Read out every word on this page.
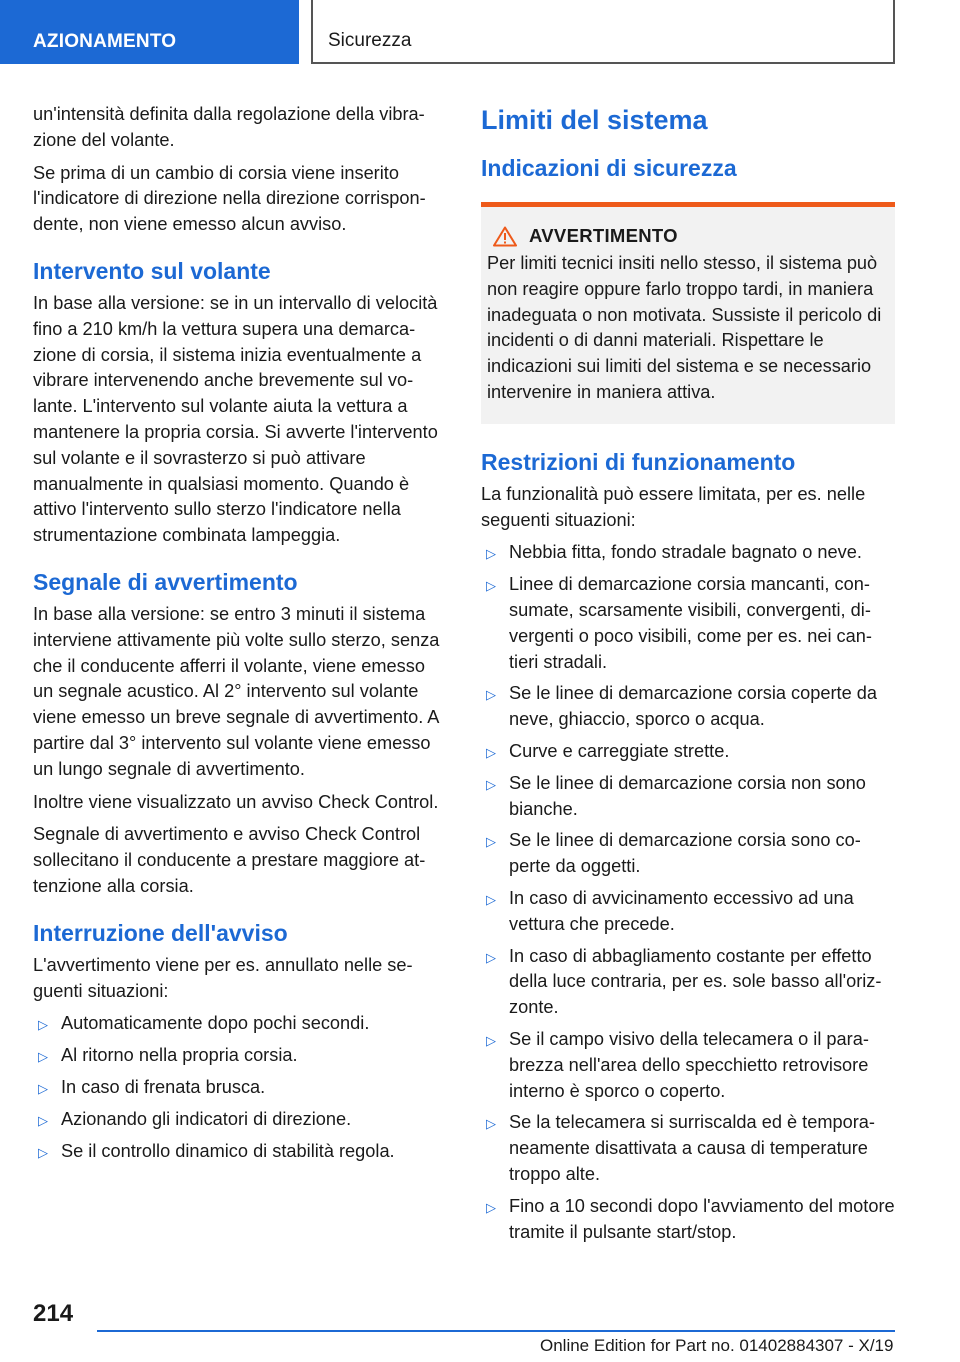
AZIONAMENTO	Sicurezza

un'intensità definita dalla regolazione della vibrazione del volante.

Se prima di un cambio di corsia viene inserito l'indicatore di direzione nella direzione corrispondente, non viene emesso alcun avviso.

Intervento sul volante

In base alla versione: se in un intervallo di velocità fino a 210 km/h la vettura supera una demarcazione di corsia, il sistema inizia eventualmente a vibrare intervenendo anche brevemente sul volante. L'intervento sul volante aiuta la vettura a mantenere la propria corsia. Si avverte l'intervento sul volante e il sovrasterzo si può attivare manualmente in qualsiasi momento. Quando è attivo l'intervento sullo sterzo l'indicatore nella strumentazione combinata lampeggia.

Segnale di avvertimento

In base alla versione: se entro 3 minuti il sistema interviene attivamente più volte sullo sterzo, senza che il conducente afferri il volante, viene emesso un segnale acustico. Al 2° intervento sul volante viene emesso un breve segnale di avvertimento. A partire dal 3° intervento sul volante viene emesso un lungo segnale di avvertimento.

Inoltre viene visualizzato un avviso Check Control.

Segnale di avvertimento e avviso Check Control sollecitano il conducente a prestare maggiore attenzione alla corsia.

Interruzione dell'avviso

L'avvertimento viene per es. annullato nelle seguenti situazioni:

▷ Automaticamente dopo pochi secondi.
▷ Al ritorno nella propria corsia.
▷ In caso di frenata brusca.
▷ Azionando gli indicatori di direzione.
▷ Se il controllo dinamico di stabilità regola.
Limiti del sistema
Indicazioni di sicurezza
AVVERTIMENTO

Per limiti tecnici insiti nello stesso, il sistema può non reagire oppure farlo troppo tardi, in maniera inadeguata o non motivata. Sussiste il pericolo di incidenti o di danni materiali. Rispettare le indicazioni sui limiti del sistema e se necessario intervenire in maniera attiva.

Restrizioni di funzionamento

La funzionalità può essere limitata, per es. nelle seguenti situazioni:

▷ Nebbia fitta, fondo stradale bagnato o neve.
▷ Linee di demarcazione corsia mancanti, consumate, scarsamente visibili, convergenti, divergenti o poco visibili, come per es. nei cantieri stradali.
▷ Se le linee di demarcazione corsia coperte da neve, ghiaccio, sporco o acqua.
▷ Curve e carreggiate strette.
▷ Se le linee di demarcazione corsia non sono bianche.
▷ Se le linee di demarcazione corsia sono coperte da oggetti.
▷ In caso di avvicinamento eccessivo ad una vettura che precede.
▷ In caso di abbagliamento costante per effetto della luce contraria, per es. sole basso all'orizzonte.
▷ Se il campo visivo della telecamera o il parabrezza nell'area dello specchietto retrovisore interno è sporco o coperto.
▷ Se la telecamera si surriscalda ed è temporaneamente disattivata a causa di temperature troppo alte.
▷ Fino a 10 secondi dopo l'avviamento del motore tramite il pulsante start/stop.
214
Online Edition for Part no. 01402884307 - X/19
